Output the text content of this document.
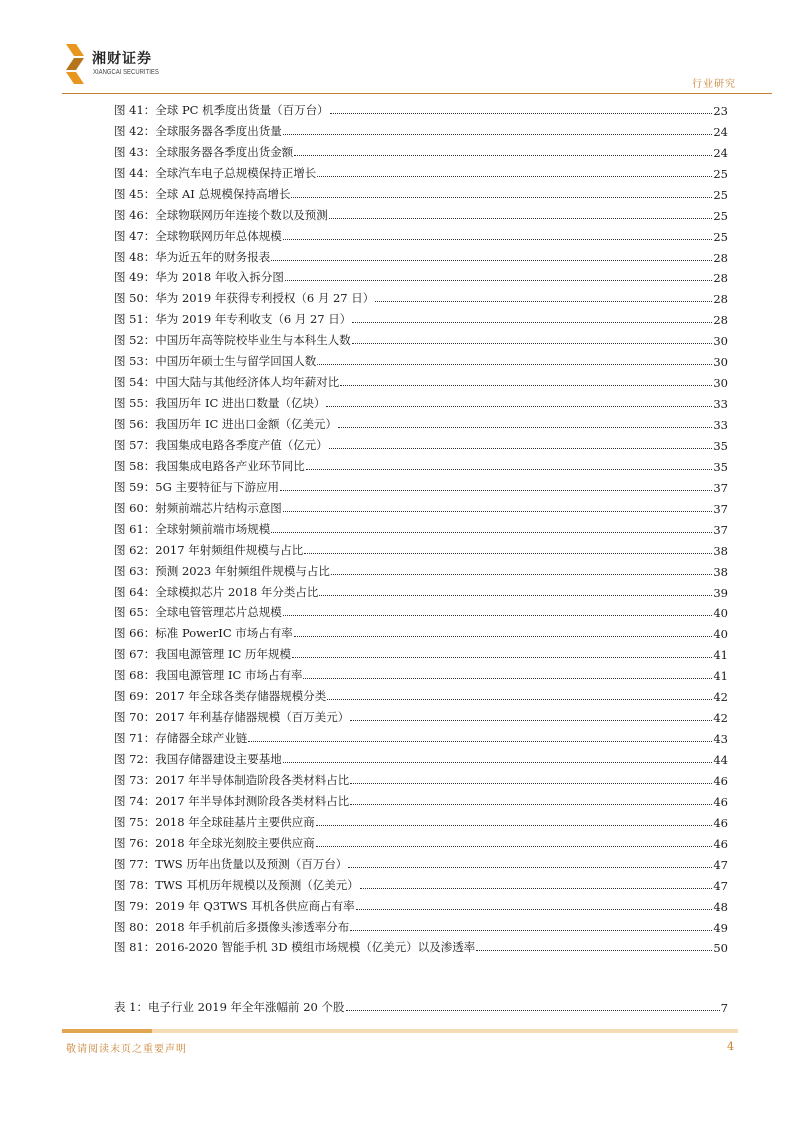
湘财证券
XIANGCAI SECURITIES
行业研究
图 41：全球 PC 机季度出货量（百万台）	23
图 42：全球服务器各季度出货量	24
图 43：全球服务器各季度出货金额	24
图 44：全球汽车电子总规模保持正增长	25
图 45：全球 AI 总规模保持高增长	25
图 46：全球物联网历年连接个数以及预测	25
图 47：全球物联网历年总体规模	25
图 48：华为近五年的财务报表	28
图 49：华为 2018 年收入拆分图	28
图 50：华为 2019 年获得专利授权（6 月 27 日）	28
图 51：华为 2019 年专利收支（6 月 27 日）	28
图 52：中国历年高等院校毕业生与本科生人数	30
图 53：中国历年硕士生与留学回国人数	30
图 54：中国大陆与其他经济体人均年薪对比	30
图 55：我国历年 IC 进出口数量（亿块）	33
图 56：我国历年 IC 进出口金额（亿美元）	33
图 57：我国集成电路各季度产值（亿元）	35
图 58：我国集成电路各产业环节同比	35
图 59：5G 主要特征与下游应用	37
图 60：射频前端芯片结构示意图	37
图 61：全球射频前端市场规模	37
图 62：2017 年射频组件规模与占比	38
图 63：预测 2023 年射频组件规模与占比	38
图 64：全球模拟芯片 2018 年分类占比	39
图 65：全球电管管理芯片总规模	40
图 66：标准 PowerIC 市场占有率	40
图 67：我国电源管理 IC 历年规模	41
图 68：我国电源管理 IC 市场占有率	41
图 69：2017 年全球各类存储器规模分类	42
图 70：2017 年利基存储器规模（百万美元）	42
图 71：存储器全球产业链	43
图 72：我国存储器建设主要基地	44
图 73：2017 年半导体制造阶段各类材料占比	46
图 74：2017 年半导体封测阶段各类材料占比	46
图 75：2018 年全球硅基片主要供应商	46
图 76：2018 年全球光刻胶主要供应商	46
图 77：TWS 历年出货量以及预测（百万台）	47
图 78：TWS 耳机历年规模以及预测（亿美元）	47
图 79：2019 年 Q3TWS 耳机各供应商占有率	48
图 80：2018 年手机前后多摄像头渗透率分布	49
图 81：2016-2020 智能手机 3D 模组市场规模（亿美元）以及渗透率	50
表 1：电子行业 2019 年全年涨幅前 20 个股	7
敬请阅读末页之重要声明	4
